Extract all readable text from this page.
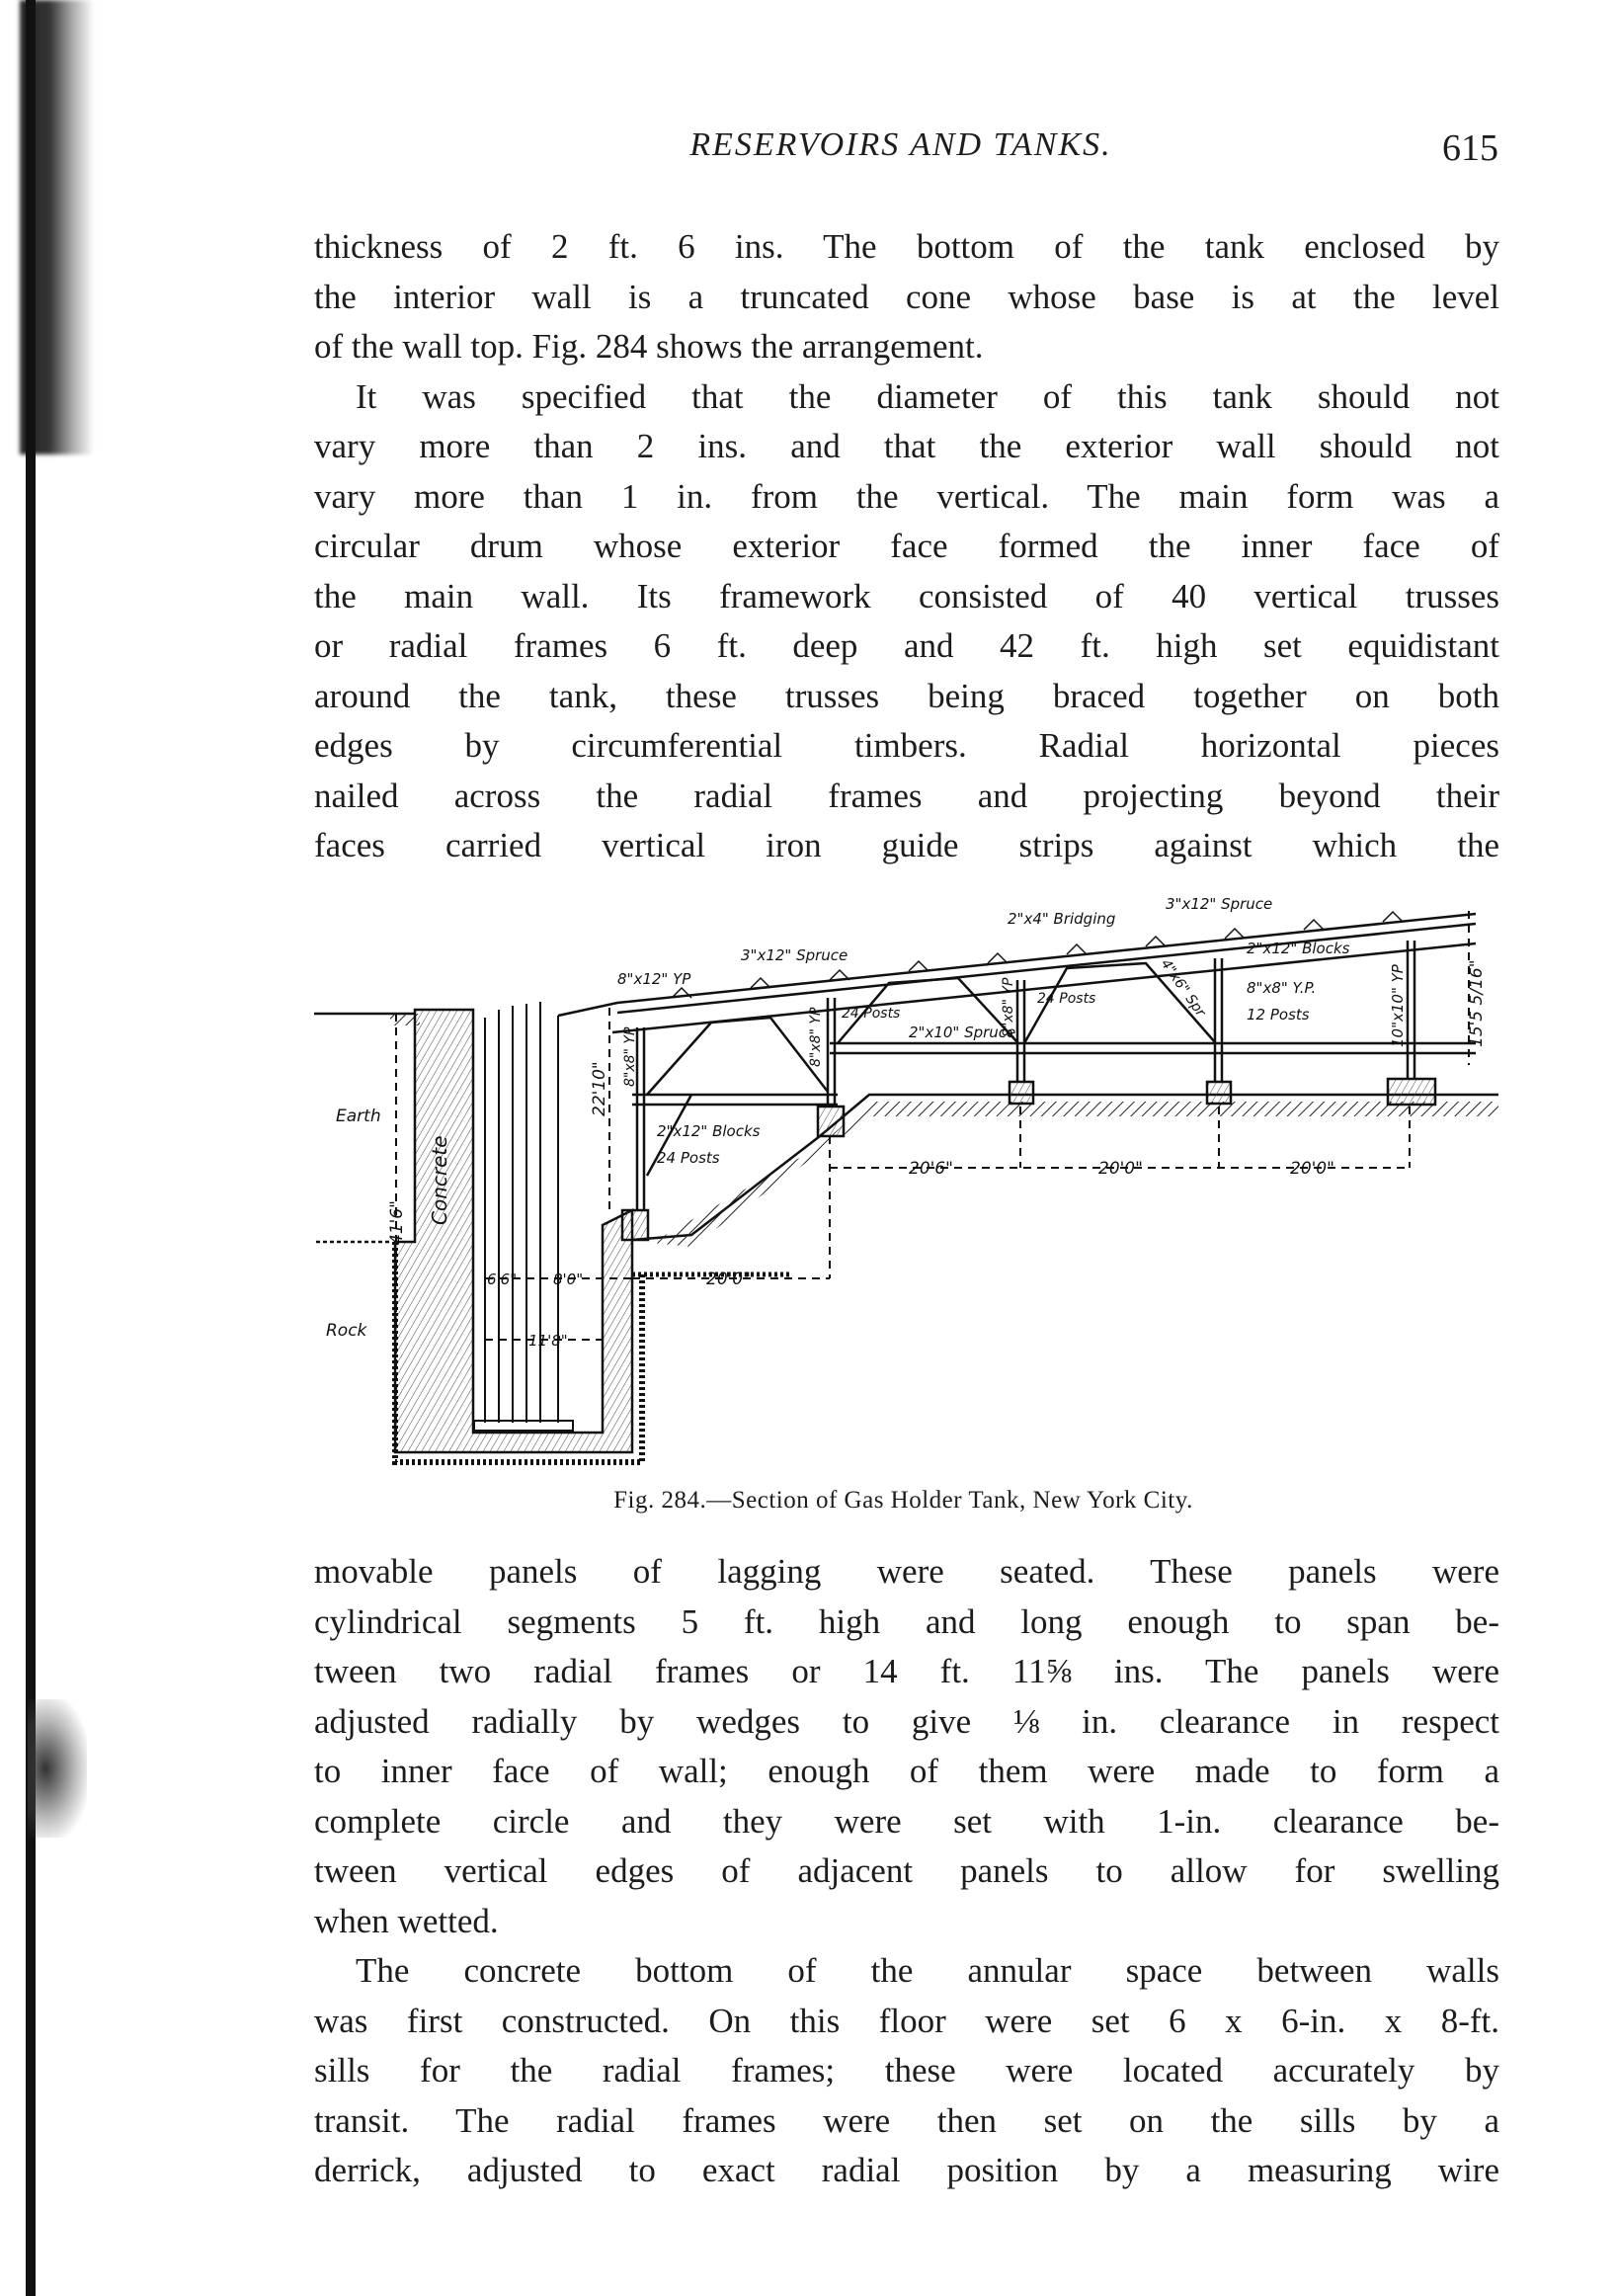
RESERVOIRS AND TANKS.	615
thickness of 2 ft. 6 ins. The bottom of the tank enclosed by
the interior wall is a truncated cone whose base is at the level
of the wall top. Fig. 284 shows the arrangement.
It was specified that the diameter of this tank should not
vary more than 2 ins. and that the exterior wall should not
vary more than 1 in. from the vertical. The main form was a
circular drum whose exterior face formed the inner face of
the main wall. Its framework consisted of 40 vertical trusses
or radial frames 6 ft. deep and 42 ft. high set equidistant
around the tank, these trusses being braced together on both
edges by circumferential timbers. Radial horizontal pieces
nailed across the radial frames and projecting beyond their
faces carried vertical iron guide strips against which the
Earth
Rock
Concrete
41'6"
22'10"
15'5 5/16"
6'6" 8'0"
11'8"
20'0"
20'6"	20'0"	20'0"
8"x12" YP
3"x12" Spruce
2"x4" Bridging
3"x12" Spruce
2"x12" Blocks
8"x8" Y.P.
12 Posts	10"x10" YP
8"x8" YP 24 Posts
2"x10" Spruce
8"x8" YP 24 Posts	4"x6" Spr
8"x8" YP
2"x12" Blocks
24 Posts
Fig. 284.—Section of Gas Holder Tank, New York City.
movable panels of lagging were seated. These panels were
cylindrical segments 5 ft. high and long enough to span be-
tween two radial frames or 14 ft. 11⅝ ins. The panels were
adjusted radially by wedges to give ⅛ in. clearance in respect
to inner face of wall; enough of them were made to form a
complete circle and they were set with 1-in. clearance be-
tween vertical edges of adjacent panels to allow for swelling
when wetted.
The concrete bottom of the annular space between walls
was first constructed. On this floor were set 6 x 6-in. x 8-ft.
sills for the radial frames; these were located accurately by
transit. The radial frames were then set on the sills by a
derrick, adjusted to exact radial position by a measuring wire
